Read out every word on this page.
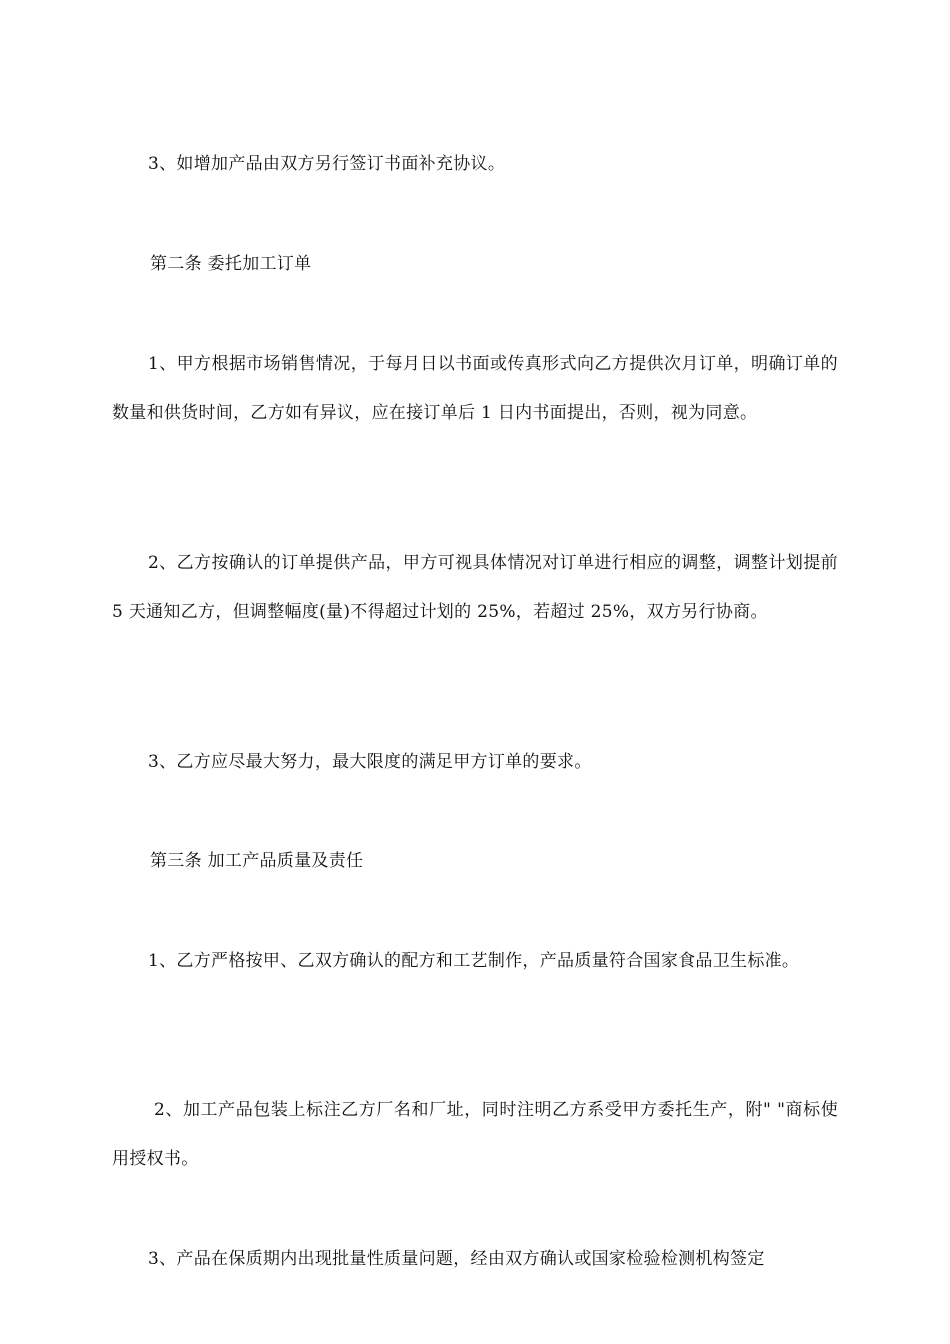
3、如增加产品由双方另行签订书面补充协议。

第二条 委托加工订单

1、甲方根据市场销售情况，于每月日以书面或传真形式向乙方提供次月订单，明确订单的数量和供货时间，乙方如有异议，应在接订单后 1 日内书面提出，否则，视为同意。

2、乙方按确认的订单提供产品，甲方可视具体情况对订单进行相应的调整，调整计划提前 5 天通知乙方，但调整幅度(量)不得超过计划的 25%，若超过 25%，双方另行协商。

3、乙方应尽最大努力，最大限度的满足甲方订单的要求。

第三条 加工产品质量及责任

1、乙方严格按甲、乙双方确认的配方和工艺制作，产品质量符合国家食品卫生标准。

2、加工产品包装上标注乙方厂名和厂址，同时注明乙方系受甲方委托生产，附" "商标使用授权书。

3、产品在保质期内出现批量性质量问题，经由双方确认或国家检验检测机构签定
